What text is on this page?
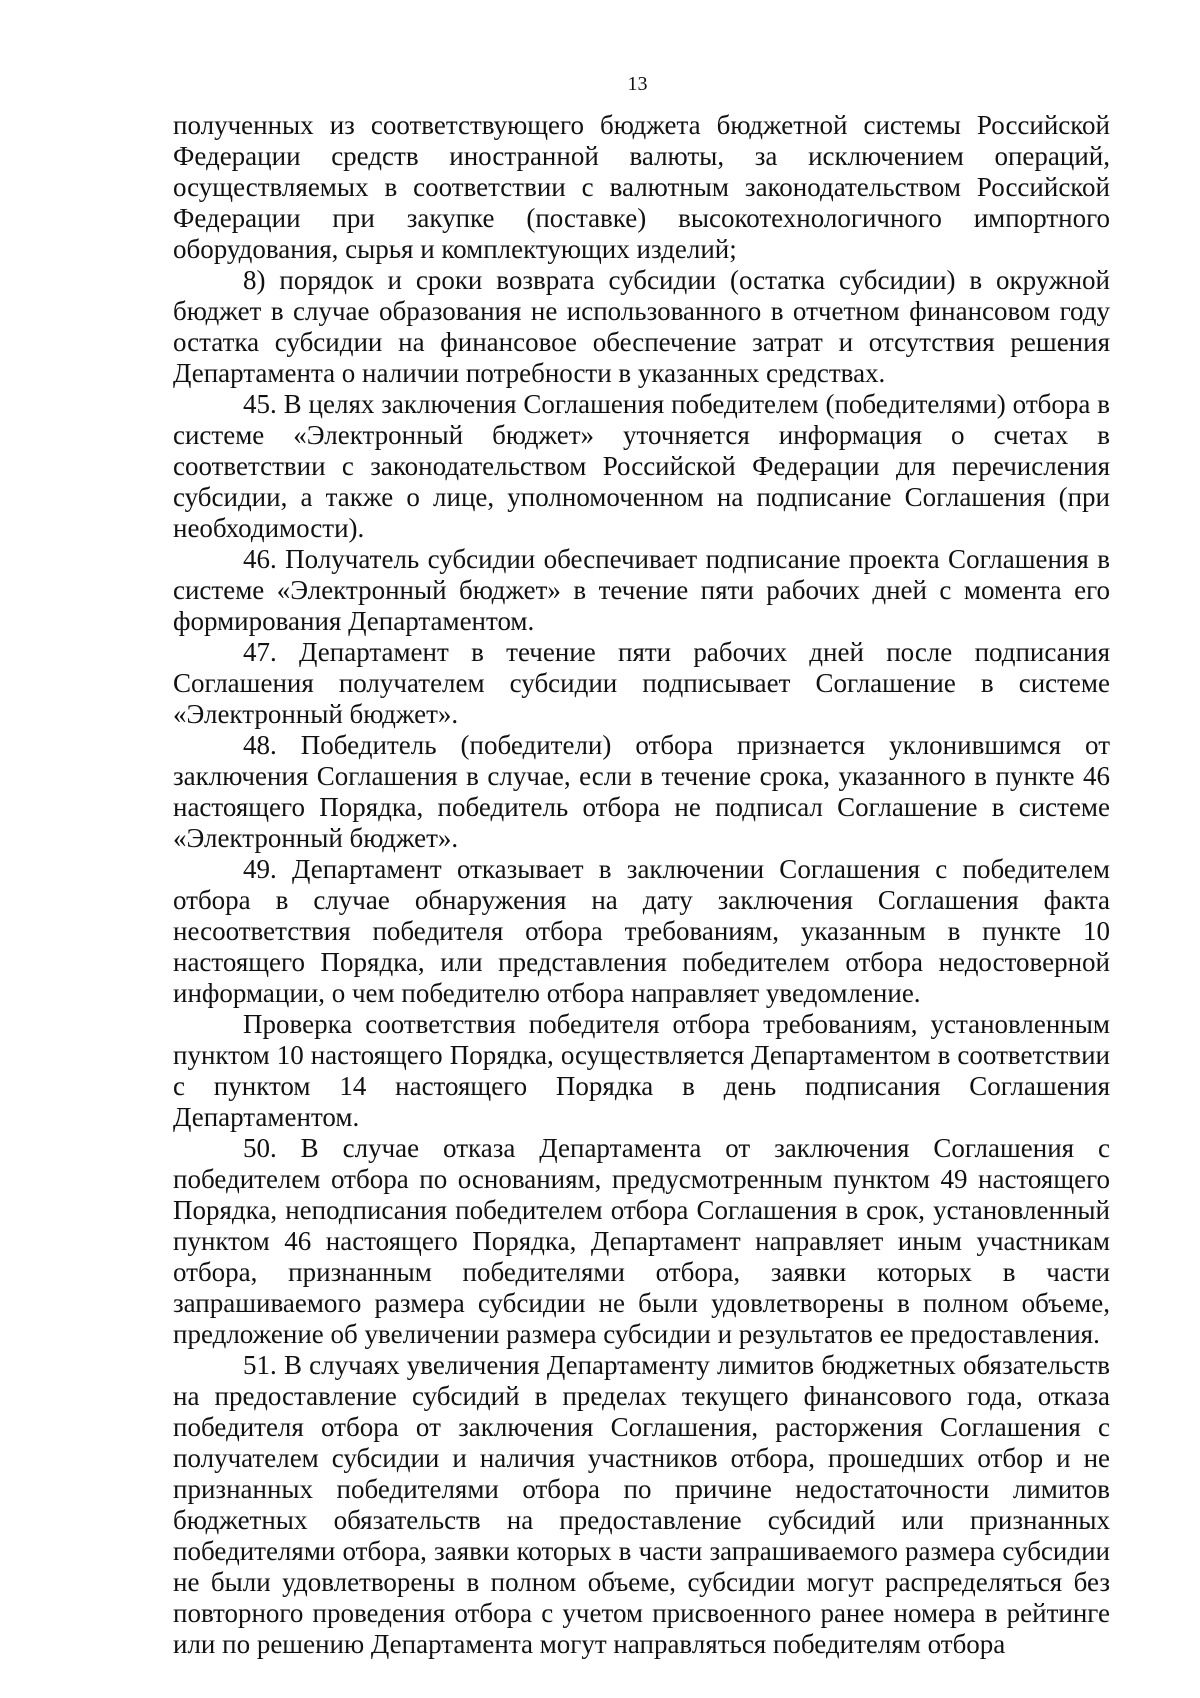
13

полученных из соответствующего бюджета бюджетной системы Российской Федерации средств иностранной валюты, за исключением операций, осуществляемых в соответствии с валютным законодательством Российской Федерации при закупке (поставке) высокотехнологичного импортного оборудования, сырья и комплектующих изделий;

8) порядок и сроки возврата субсидии (остатка субсидии) в окружной бюджет в случае образования не использованного в отчетном финансовом году остатка субсидии на финансовое обеспечение затрат и отсутствия решения Департамента о наличии потребности в указанных средствах.

45. В целях заключения Соглашения победителем (победителями) отбора в системе «Электронный бюджет» уточняется информация о счетах в соответствии с законодательством Российской Федерации для перечисления субсидии, а также о лице, уполномоченном на подписание Соглашения (при необходимости).

46. Получатель субсидии обеспечивает подписание проекта Соглашения в системе «Электронный бюджет» в течение пяти рабочих дней с момента его формирования Департаментом.

47. Департамент в течение пяти рабочих дней после подписания Соглашения получателем субсидии подписывает Соглашение в системе «Электронный бюджет».

48. Победитель (победители) отбора признается уклонившимся от заключения Соглашения в случае, если в течение срока, указанного в пункте 46 настоящего Порядка, победитель отбора не подписал Соглашение в системе «Электронный бюджет».

49. Департамент отказывает в заключении Соглашения с победителем отбора в случае обнаружения на дату заключения Соглашения факта несоответствия победителя отбора требованиям, указанным в пункте 10 настоящего Порядка, или представления победителем отбора недостоверной информации, о чем победителю отбора направляет уведомление.

Проверка соответствия победителя отбора требованиям, установленным пунктом 10 настоящего Порядка, осуществляется Департаментом в соответствии с пунктом 14 настоящего Порядка в день подписания Соглашения Департаментом.

50. В случае отказа Департамента от заключения Соглашения с победителем отбора по основаниям, предусмотренным пунктом 49 настоящего Порядка, неподписания победителем отбора Соглашения в срок, установленный пунктом 46 настоящего Порядка, Департамент направляет иным участникам отбора, признанным победителями отбора, заявки которых в части запрашиваемого размера субсидии не были удовлетворены в полном объеме, предложение об увеличении размера субсидии и результатов ее предоставления.

51. В случаях увеличения Департаменту лимитов бюджетных обязательств на предоставление субсидий в пределах текущего финансового года, отказа победителя отбора от заключения Соглашения, расторжения Соглашения с получателем субсидии и наличия участников отбора, прошедших отбор и не признанных победителями отбора по причине недостаточности лимитов бюджетных обязательств на предоставление субсидий или признанных победителями отбора, заявки которых в части запрашиваемого размера субсидии не были удовлетворены в полном объеме, субсидии могут распределяться без повторного проведения отбора с учетом присвоенного ранее номера в рейтинге или по решению Департамента могут направляться победителям отбора
